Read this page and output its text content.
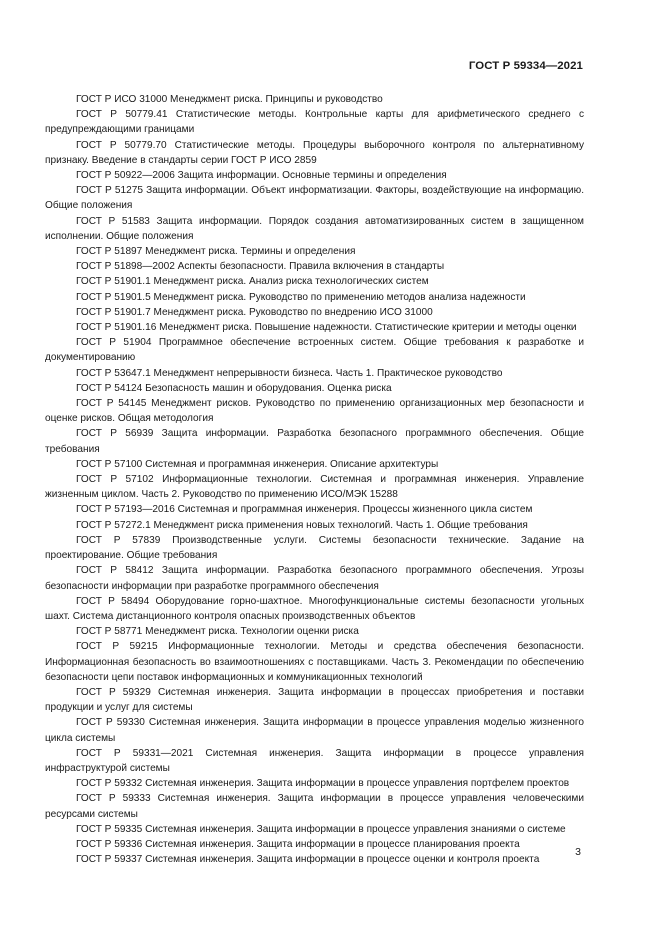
ГОСТ Р 59334—2021

ГОСТ Р ИСО 31000 Менеджмент риска. Принципы и руководство

ГОСТ Р 50779.41 Статистические методы. Контрольные карты для арифметического среднего с предупреждающими границами

ГОСТ Р 50779.70 Статистические методы. Процедуры выборочного контроля по альтернативному признаку. Введение в стандарты серии ГОСТ Р ИСО 2859

ГОСТ Р 50922—2006 Защита информации. Основные термины и определения

ГОСТ Р 51275 Защита информации. Объект информатизации. Факторы, воздействующие на информацию. Общие положения

ГОСТ Р 51583 Защита информации. Порядок создания автоматизированных систем в защищенном исполнении. Общие положения

ГОСТ Р 51897 Менеджмент риска. Термины и определения

ГОСТ Р 51898—2002 Аспекты безопасности. Правила включения в стандарты

ГОСТ Р 51901.1 Менеджмент риска. Анализ риска технологических систем

ГОСТ Р 51901.5 Менеджмент риска. Руководство по применению методов анализа надежности

ГОСТ Р 51901.7 Менеджмент риска. Руководство по внедрению ИСО 31000

ГОСТ Р 51901.16 Менеджмент риска. Повышение надежности. Статистические критерии и методы оценки

ГОСТ Р 51904 Программное обеспечение встроенных систем. Общие требования к разработке и документированию

ГОСТ Р 53647.1 Менеджмент непрерывности бизнеса. Часть 1. Практическое руководство

ГОСТ Р 54124 Безопасность машин и оборудования. Оценка риска

ГОСТ Р 54145 Менеджмент рисков. Руководство по применению организационных мер безопасности и оценке рисков. Общая методология

ГОСТ Р 56939 Защита информации. Разработка безопасного программного обеспечения. Общие требования

ГОСТ Р 57100 Системная и программная инженерия. Описание архитектуры

ГОСТ Р 57102 Информационные технологии. Системная и программная инженерия. Управление жизненным циклом. Часть 2. Руководство по применению ИСО/МЭК 15288

ГОСТ Р 57193—2016 Системная и программная инженерия. Процессы жизненного цикла систем

ГОСТ Р 57272.1 Менеджмент риска применения новых технологий. Часть 1. Общие требования

ГОСТ Р 57839 Производственные услуги. Системы безопасности технические. Задание на проектирование. Общие требования

ГОСТ Р 58412 Защита информации. Разработка безопасного программного обеспечения. Угрозы безопасности информации при разработке программного обеспечения

ГОСТ Р 58494 Оборудование горно-шахтное. Многофункциональные системы безопасности угольных шахт. Система дистанционного контроля опасных производственных объектов

ГОСТ Р 58771 Менеджмент риска. Технологии оценки риска

ГОСТ Р 59215 Информационные технологии. Методы и средства обеспечения безопасности. Информационная безопасность во взаимоотношениях с поставщиками. Часть 3. Рекомендации по обеспечению безопасности цепи поставок информационных и коммуникационных технологий

ГОСТ Р 59329 Системная инженерия. Защита информации в процессах приобретения и поставки продукции и услуг для системы

ГОСТ Р 59330 Системная инженерия. Защита информации в процессе управления моделью жизненного цикла системы

ГОСТ Р 59331—2021 Системная инженерия. Защита информации в процессе управления инфраструктурой системы

ГОСТ Р 59332 Системная инженерия. Защита информации в процессе управления портфелем проектов

ГОСТ Р 59333 Системная инженерия. Защита информации в процессе управления человеческими ресурсами системы

ГОСТ Р 59335 Системная инженерия. Защита информации в процессе управления знаниями о системе

ГОСТ Р 59336 Системная инженерия. Защита информации в процессе планирования проекта

ГОСТ Р 59337 Системная инженерия. Защита информации в процессе оценки и контроля проекта

3
